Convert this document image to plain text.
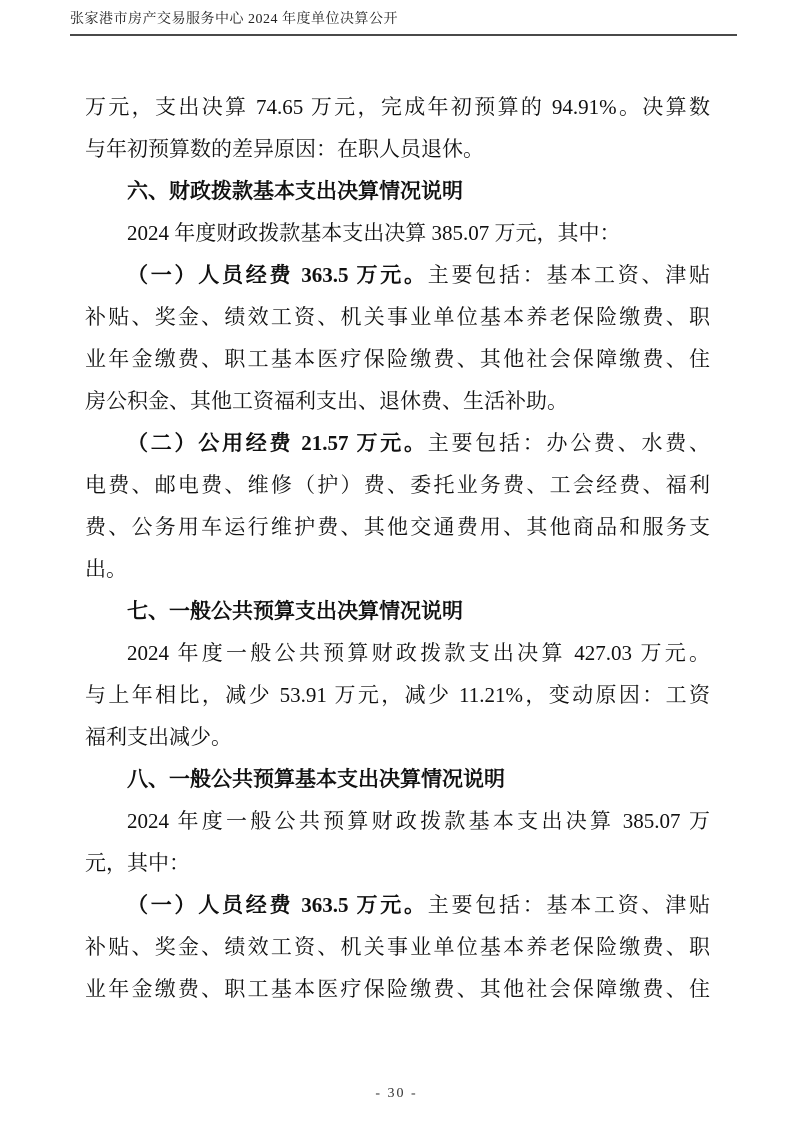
张家港市房产交易服务中心 2024 年度单位决算公开
万元，支出决算 74.65 万元，完成年初预算的 94.91%。决算数
与年初预算数的差异原因：在职人员退休。
六、财政拨款基本支出决算情况说明
2024 年度财政拨款基本支出决算 385.07 万元，其中：
（一）人员经费 363.5 万元。主要包括：基本工资、津贴
补贴、奖金、绩效工资、机关事业单位基本养老保险缴费、职
业年金缴费、职工基本医疗保险缴费、其他社会保障缴费、住
房公积金、其他工资福利支出、退休费、生活补助。
（二）公用经费 21.57 万元。主要包括：办公费、水费、
电费、邮电费、维修（护）费、委托业务费、工会经费、福利
费、公务用车运行维护费、其他交通费用、其他商品和服务支
出。
七、一般公共预算支出决算情况说明
2024 年度一般公共预算财政拨款支出决算 427.03 万元。
与上年相比，减少 53.91 万元，减少 11.21%，变动原因：工资
福利支出减少。
八、一般公共预算基本支出决算情况说明
2024 年度一般公共预算财政拨款基本支出决算 385.07 万
元，其中：
（一）人员经费 363.5 万元。主要包括：基本工资、津贴
补贴、奖金、绩效工资、机关事业单位基本养老保险缴费、职
业年金缴费、职工基本医疗保险缴费、其他社会保障缴费、住
- 30 -
